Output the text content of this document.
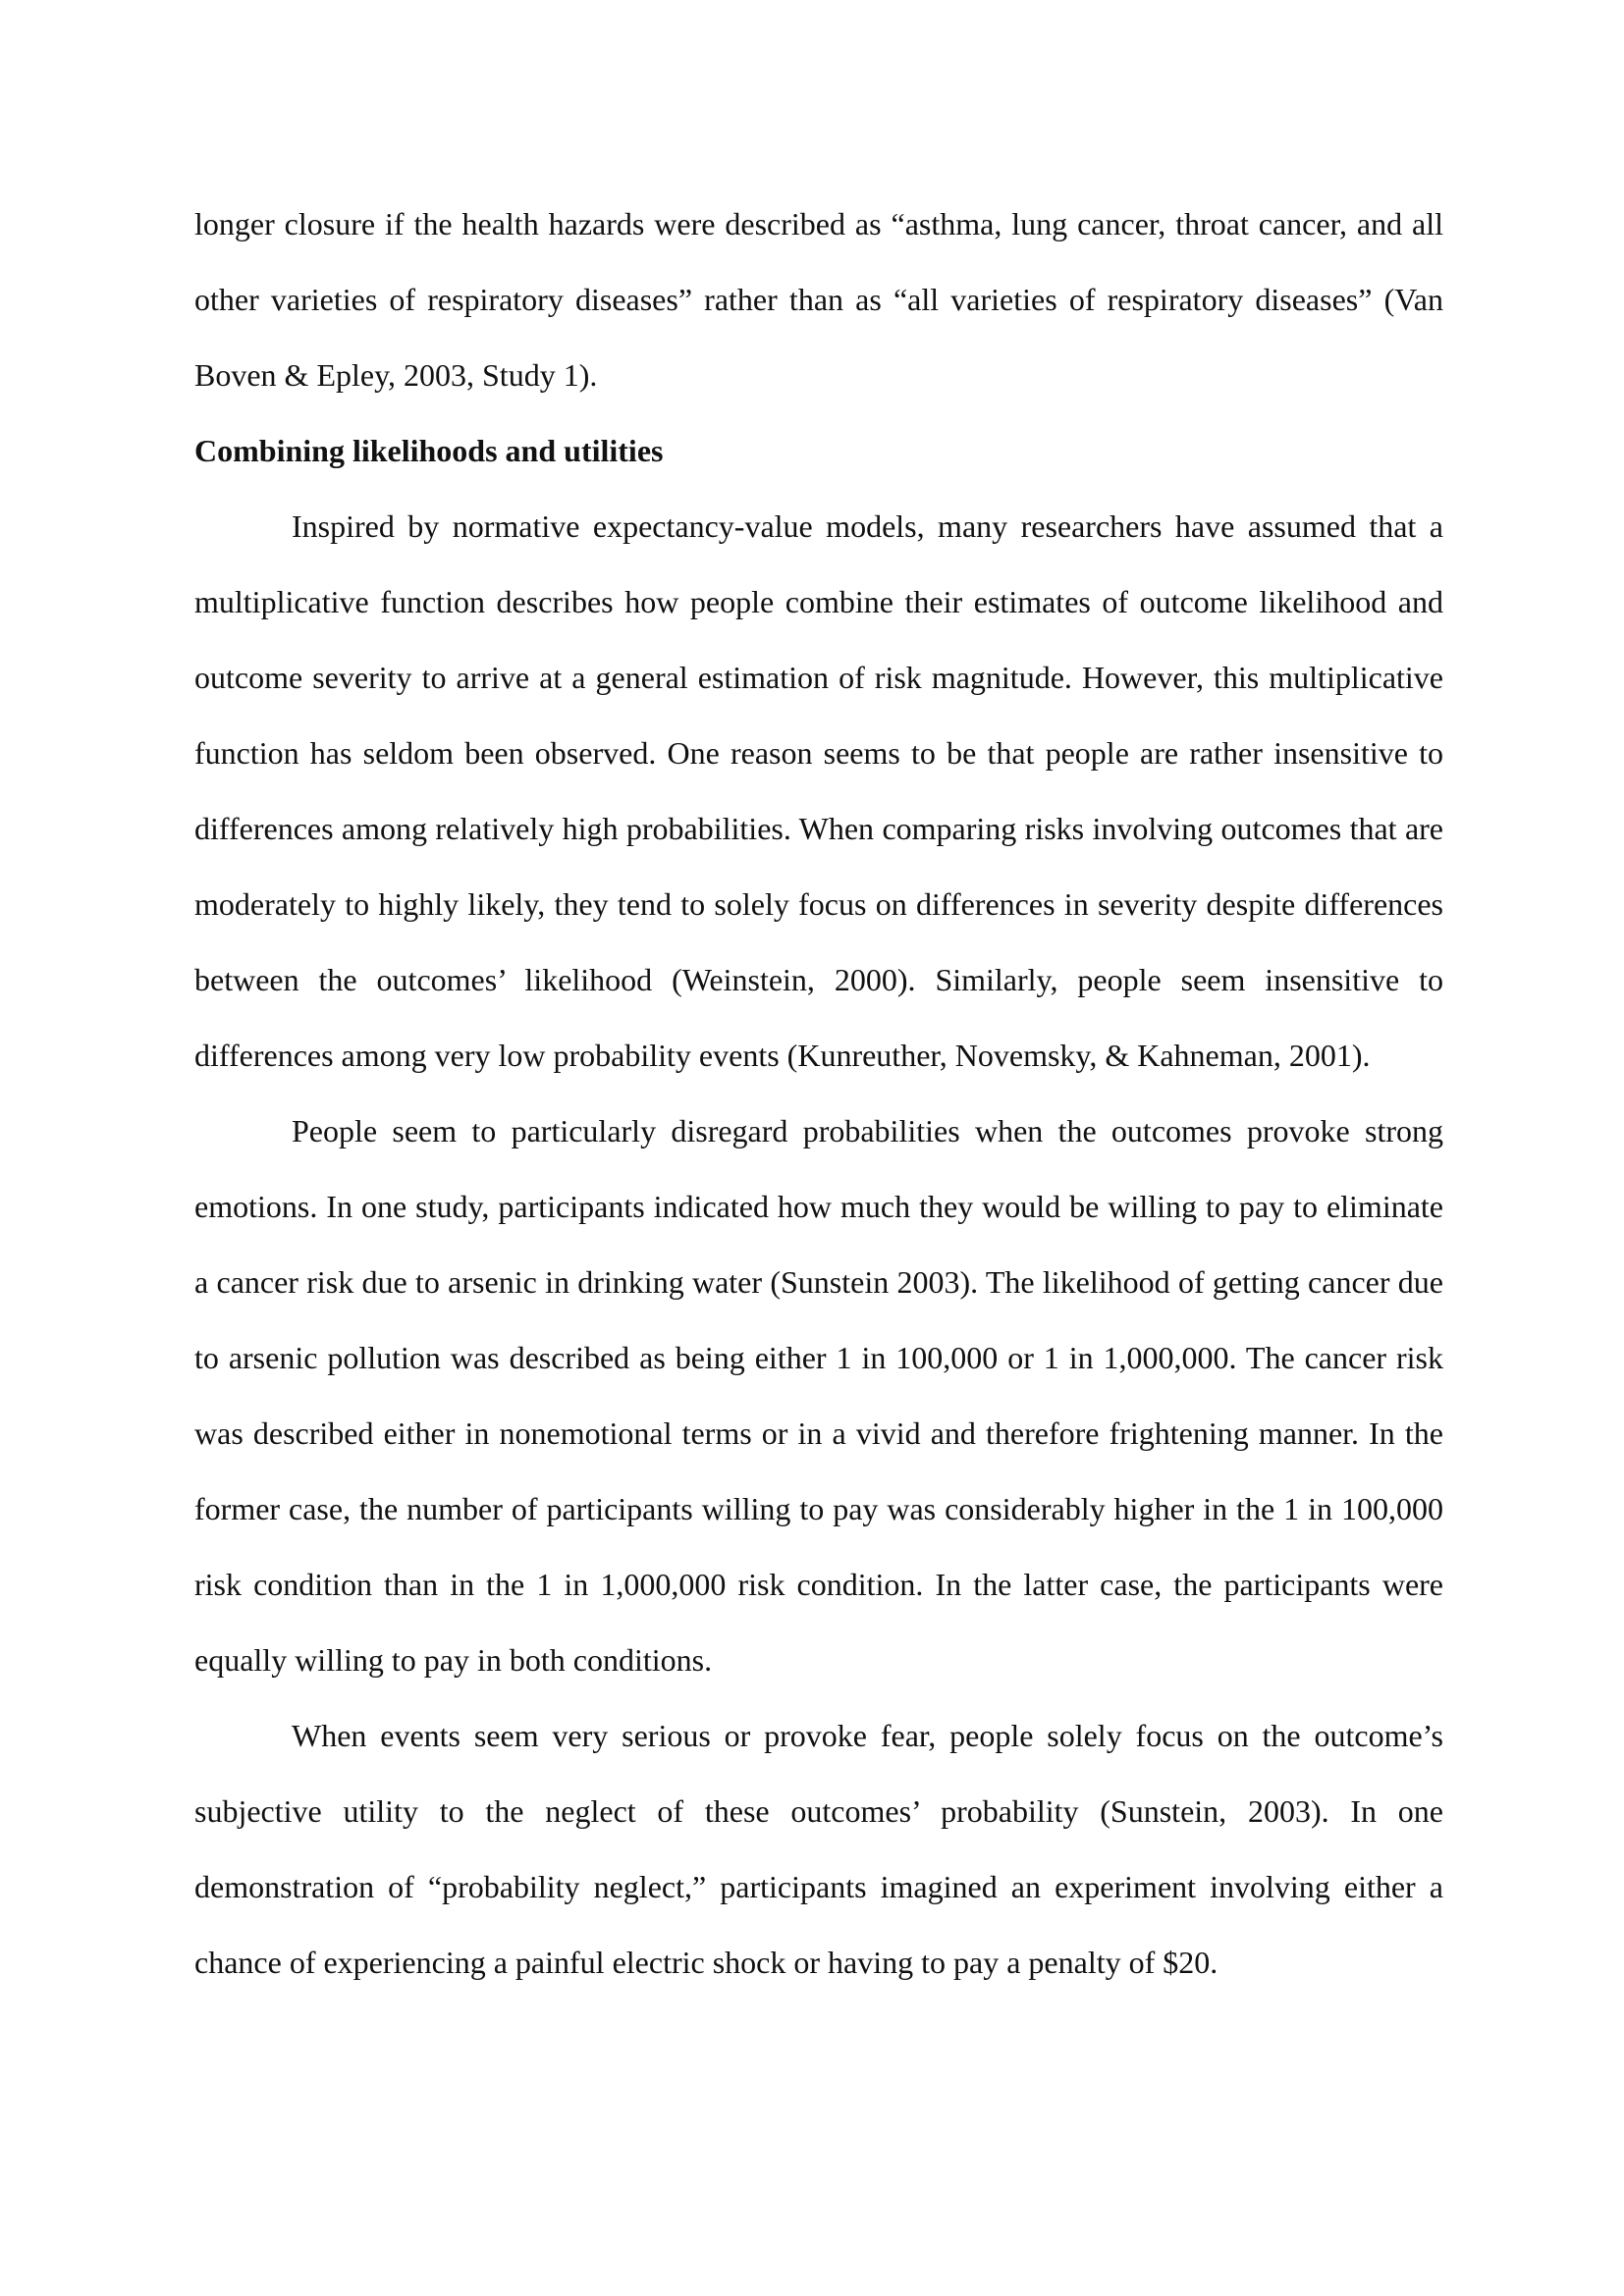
longer closure if the health hazards were described as “asthma, lung cancer, throat cancer, and all other varieties of respiratory diseases” rather than as “all varieties of respiratory diseases” (Van Boven & Epley, 2003, Study 1).

Combining likelihoods and utilities

Inspired by normative expectancy-value models, many researchers have assumed that a multiplicative function describes how people combine their estimates of outcome likelihood and outcome severity to arrive at a general estimation of risk magnitude. However, this multiplicative function has seldom been observed. One reason seems to be that people are rather insensitive to differences among relatively high probabilities. When comparing risks involving outcomes that are moderately to highly likely, they tend to solely focus on differences in severity despite differences between the outcomes’ likelihood (Weinstein, 2000). Similarly, people seem insensitive to differences among very low probability events (Kunreuther, Novemsky, & Kahneman, 2001).

People seem to particularly disregard probabilities when the outcomes provoke strong emotions. In one study, participants indicated how much they would be willing to pay to eliminate a cancer risk due to arsenic in drinking water (Sunstein 2003). The likelihood of getting cancer due to arsenic pollution was described as being either 1 in 100,000 or 1 in 1,000,000. The cancer risk was described either in nonemotional terms or in a vivid and therefore frightening manner. In the former case, the number of participants willing to pay was considerably higher in the 1 in 100,000 risk condition than in the 1 in 1,000,000 risk condition. In the latter case, the participants were equally willing to pay in both conditions.

When events seem very serious or provoke fear, people solely focus on the outcome’s subjective utility to the neglect of these outcomes’ probability (Sunstein, 2003). In one demonstration of “probability neglect,” participants imagined an experiment involving either a chance of experiencing a painful electric shock or having to pay a penalty of $20.
